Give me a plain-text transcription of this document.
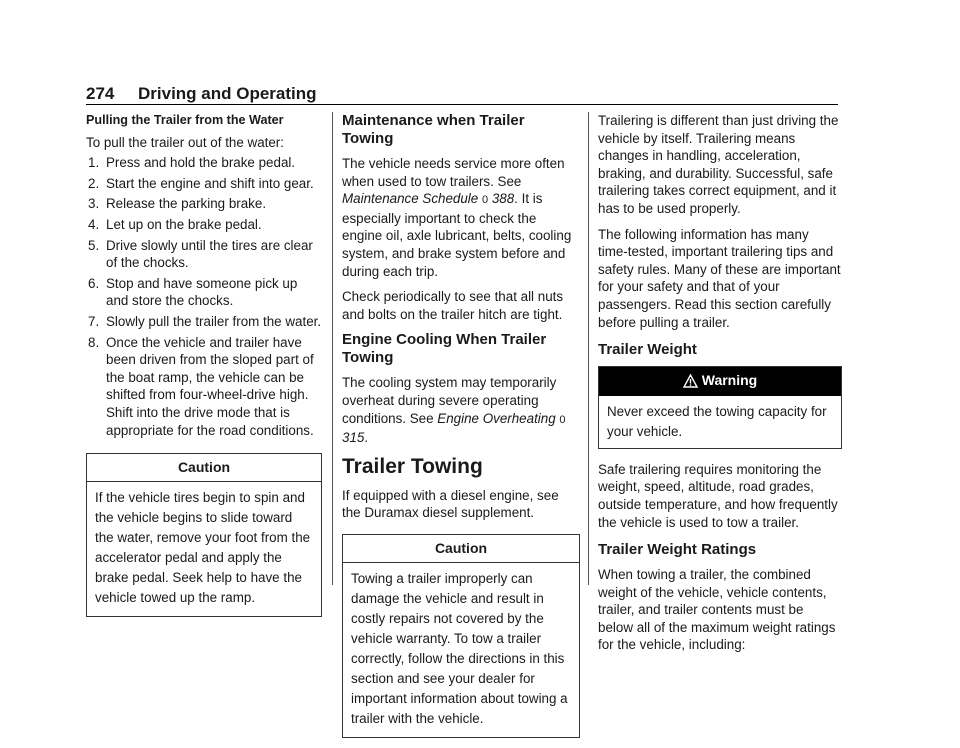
274 Driving and Operating

Pulling the Trailer from the Water

To pull the trailer out of the water:

1. Press and hold the brake pedal.
2. Start the engine and shift into gear.
3. Release the parking brake.
4. Let up on the brake pedal.
5. Drive slowly until the tires are clear of the chocks.
6. Stop and have someone pick up and store the chocks.
7. Slowly pull the trailer from the water.
8. Once the vehicle and trailer have been driven from the sloped part of the boat ramp, the vehicle can be shifted from four-wheel-drive high. Shift into the drive mode that is appropriate for the road conditions.
Caution
If the vehicle tires begin to spin and the vehicle begins to slide toward the water, remove your foot from the accelerator pedal and apply the brake pedal. Seek help to have the vehicle towed up the ramp.
Maintenance when Trailer Towing

The vehicle needs service more often when used to tow trailers. See Maintenance Schedule 0 388. It is especially important to check the engine oil, axle lubricant, belts, cooling system, and brake system before and during each trip.

Check periodically to see that all nuts and bolts on the trailer hitch are tight.

Engine Cooling When Trailer Towing

The cooling system may temporarily overheat during severe operating conditions. See Engine Overheating 0 315.

Trailer Towing

If equipped with a diesel engine, see the Duramax diesel supplement.

Caution
Towing a trailer improperly can damage the vehicle and result in costly repairs not covered by the vehicle warranty. To tow a trailer correctly, follow the directions in this section and see your dealer for important information about towing a trailer with the vehicle.

Trailering is different than just driving the vehicle by itself. Trailering means changes in handling, acceleration, braking, and durability. Successful, safe trailering takes correct equipment, and it has to be used properly.

The following information has many time-tested, important trailering tips and safety rules. Many of these are important for your safety and that of your passengers. Read this section carefully before pulling a trailer.

Trailer Weight
Warning
Never exceed the towing capacity for your vehicle.

Safe trailering requires monitoring the weight, speed, altitude, road grades, outside temperature, and how frequently the vehicle is used to tow a trailer.

Trailer Weight Ratings

When towing a trailer, the combined weight of the vehicle, vehicle contents, trailer, and trailer contents must be below all of the maximum weight ratings for the vehicle, including:
